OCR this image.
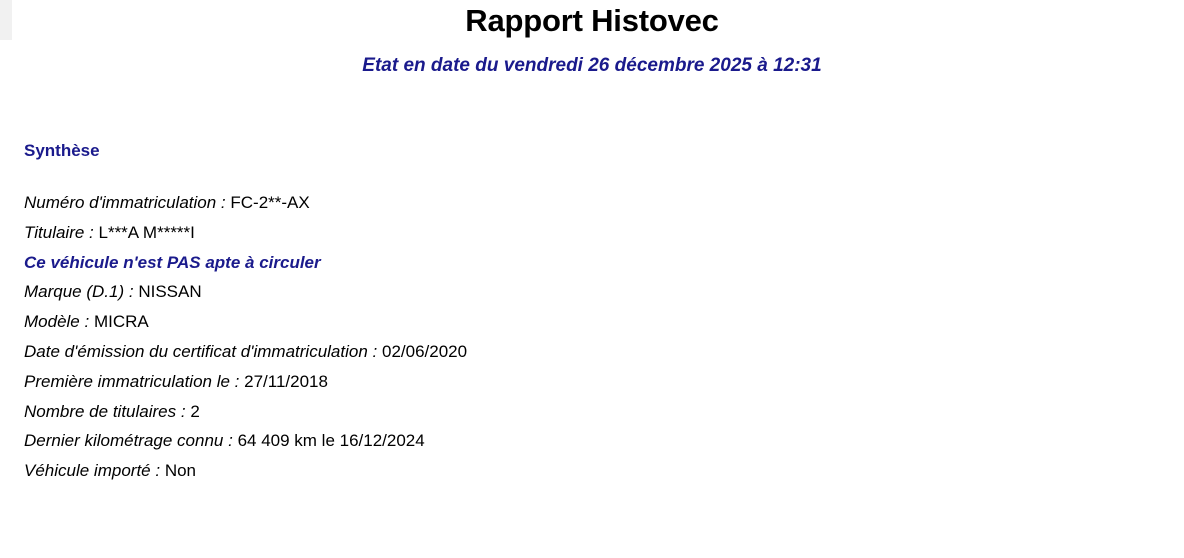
Rapport Histovec
Etat en date du vendredi 26 décembre 2025 à 12:31
Synthèse
Numéro d'immatriculation : FC-2**-AX
Titulaire : L***A M*****I
Ce véhicule n'est PAS apte à circuler
Marque (D.1) : NISSAN
Modèle : MICRA
Date d'émission du certificat d'immatriculation : 02/06/2020
Première immatriculation le : 27/11/2018
Nombre de titulaires : 2
Dernier kilométrage connu : 64 409 km le 16/12/2024
Véhicule importé : Non
